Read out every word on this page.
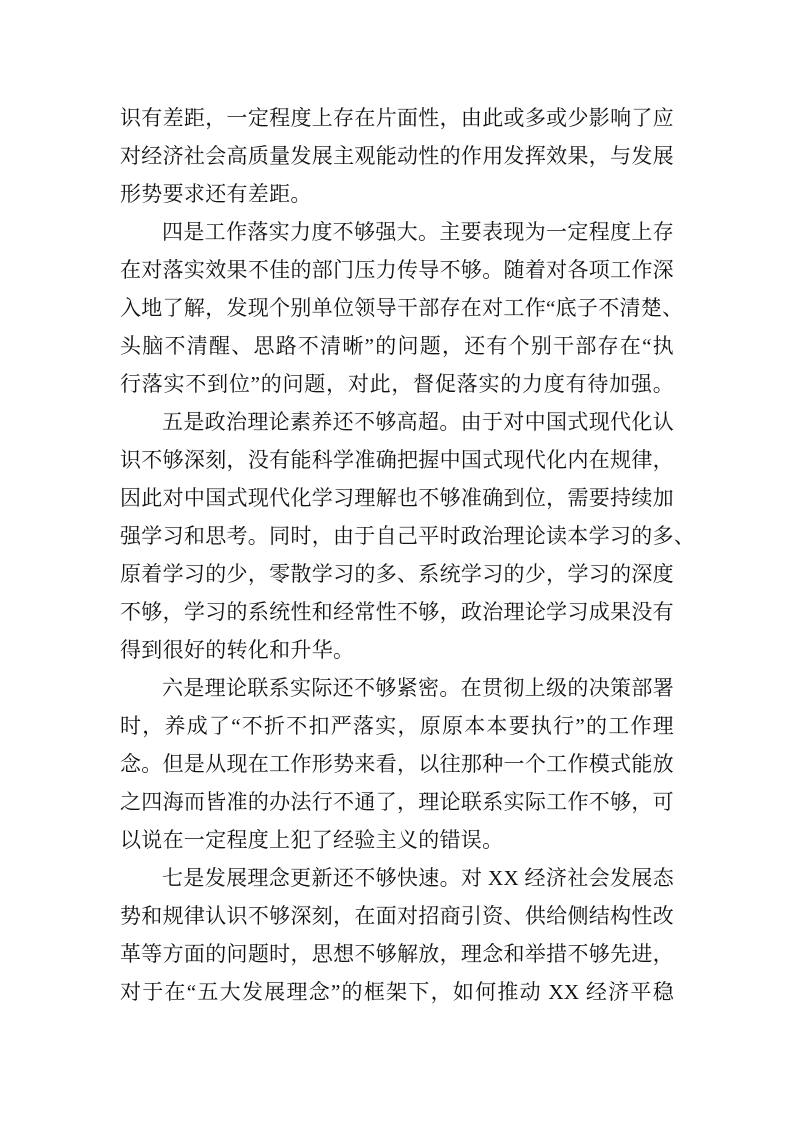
识有差距，一定程度上存在片面性，由此或多或少影响了应
对经济社会高质量发展主观能动性的作用发挥效果，与发展
形势要求还有差距。
四是工作落实力度不够强大。主要表现为一定程度上存
在对落实效果不佳的部门压力传导不够。随着对各项工作深
入地了解，发现个别单位领导干部存在对工作“底子不清楚、
头脑不清醒、思路不清晰”的问题，还有个别干部存在“执
行落实不到位”的问题，对此，督促落实的力度有待加强。
五是政治理论素养还不够高超。由于对中国式现代化认
识不够深刻，没有能科学准确把握中国式现代化内在规律，
因此对中国式现代化学习理解也不够准确到位，需要持续加
强学习和思考。同时，由于自己平时政治理论读本学习的多、
原着学习的少，零散学习的多、系统学习的少，学习的深度
不够，学习的系统性和经常性不够，政治理论学习成果没有
得到很好的转化和升华。
六是理论联系实际还不够紧密。在贯彻上级的决策部署
时，养成了“不折不扣严落实，原原本本要执行”的工作理
念。但是从现在工作形势来看，以往那种一个工作模式能放
之四海而皆准的办法行不通了，理论联系实际工作不够，可
以说在一定程度上犯了经验主义的错误。
七是发展理念更新还不够快速。对 XX 经济社会发展态
势和规律认识不够深刻，在面对招商引资、供给侧结构性改
革等方面的问题时，思想不够解放，理念和举措不够先进，
对于在“五大发展理念”的框架下，如何推动 XX 经济平稳
